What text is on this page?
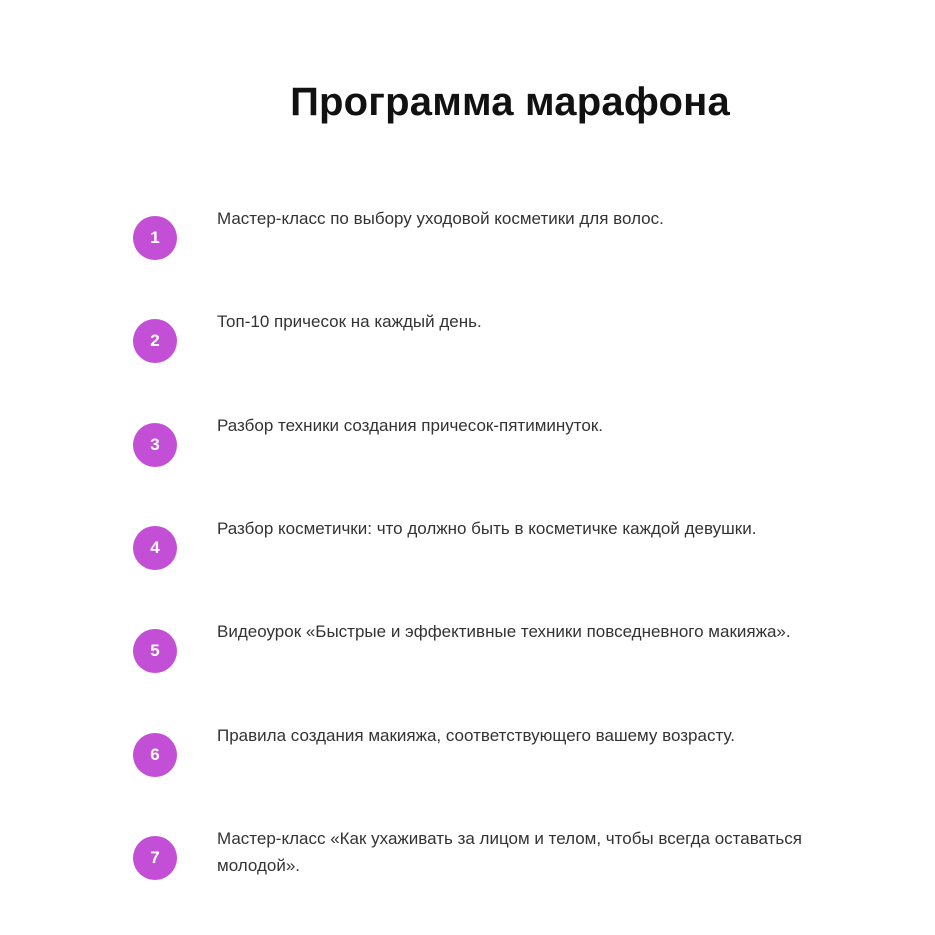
Программа марафона
1

Мастер-класс по выбору уходовой косметики для волос.

2

Топ-10 причесок на каждый день.

3

Разбор техники создания причесок-пятиминуток.

4

Разбор косметички: что должно быть в косметичке каждой девушки.

5

Видеоурок «Быстрые и эффективные техники повседневного макияжа».

6

Правила создания макияжа, соответствующего вашему возрасту.

7

Мастер-класс «Как ухаживать за лицом и телом, чтобы всегда оставаться молодой».
